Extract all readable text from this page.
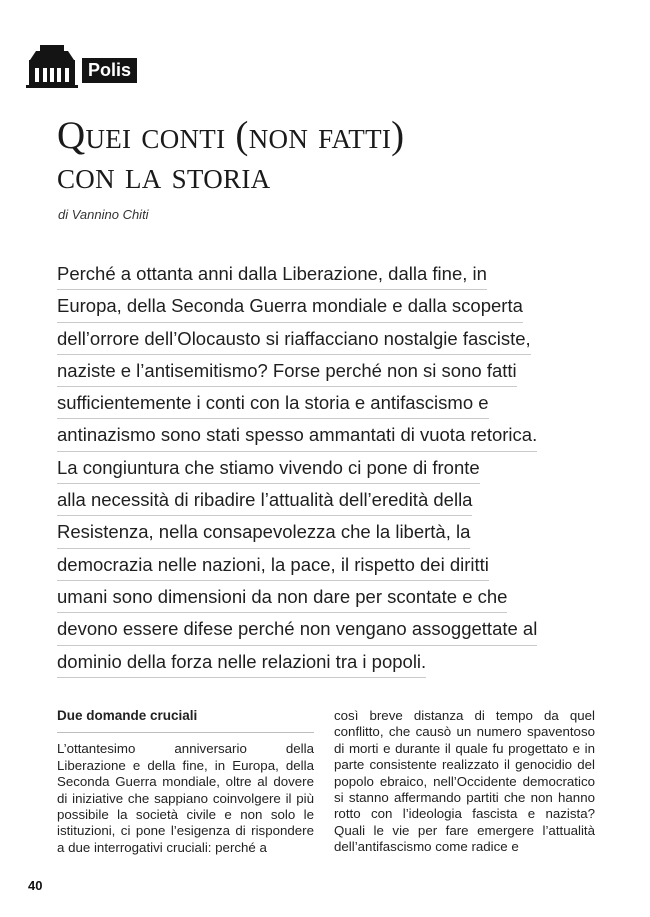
Polis
Quei conti (non fatti)
con la storia
di Vannino Chiti
Perché a ottanta anni dalla Liberazione, dalla fine, in
Europa, della Seconda Guerra mondiale e dalla scoperta
dell’orrore dell’Olocausto si riaffacciano nostalgie fasciste,
naziste e l’antisemitismo? Forse perché non si sono fatti
sufficientemente i conti con la storia e antifascismo e
antinazismo sono stati spesso ammantati di vuota retorica.
La congiuntura che stiamo vivendo ci pone di fronte
alla necessità di ribadire l’attualità dell’eredità della
Resistenza, nella consapevolezza che la libertà, la
democrazia nelle nazioni, la pace, il rispetto dei diritti
umani sono dimensioni da non dare per scontate e che
devono essere difese perché non vengano assoggettate al
dominio della forza nelle relazioni tra i popoli.
Due domande cruciali

L’ottantesimo anniversario della Liberazione e della fine, in Europa, della Seconda Guerra mondiale, oltre al dovere di iniziative che sappiano coinvolgere il più possibile la società civile e non solo le istituzioni, ci pone l’esigenza di rispondere a due interrogativi cruciali: perché a

così breve distanza di tempo da quel conflitto, che causò un numero spaventoso di morti e durante il quale fu progettato e in parte consistente realizzato il genocidio del popolo ebraico, nell’Occidente democratico si stanno affermando partiti che non hanno rotto con l’ideologia fascista e nazista? Quali le vie per fare emergere l’attualità dell’antifascismo come radice e

40
